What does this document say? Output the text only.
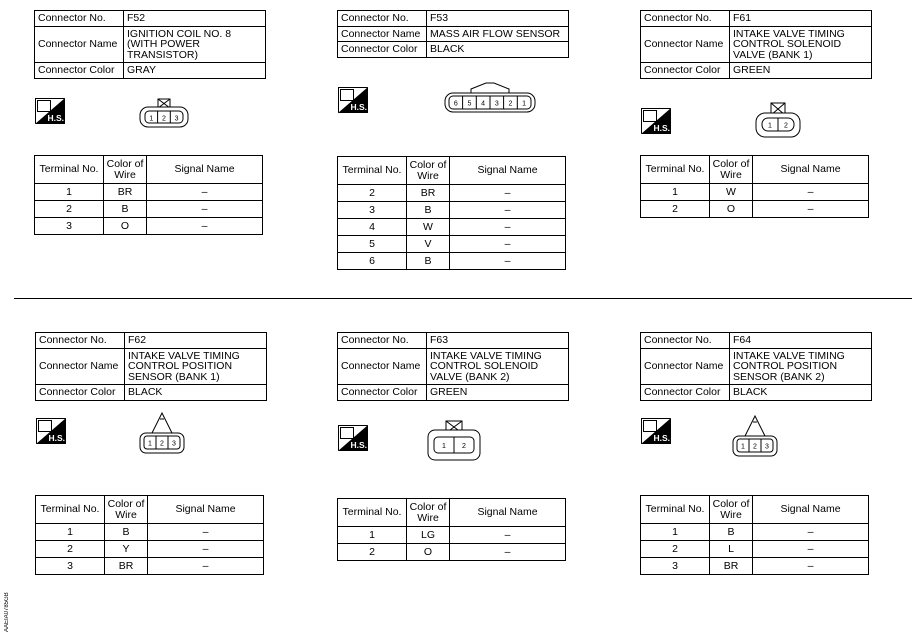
Connector No.	F52
Connector Name	IGNITION COIL NO. 8 (WITH POWER TRANSISTOR)
Connector Color	GRAY
H.S.	1 2 3
Terminal No.	Color of Wire	Signal Name
1	BR	–
2	B	–
3	O	–
Connector No.	F53
Connector Name	MASS AIR FLOW SENSOR
Connector Color	BLACK
H.S.	6 5 4 3 2 1
Terminal No.	Color of Wire	Signal Name
2	BR	–
3	B	–
4	W	–
5	V	–
6	B	–
Connector No.	F61
Connector Name	INTAKE VALVE TIMING CONTROL SOLENOID VALVE (BANK 1)
Connector Color	GREEN
H.S.	1 2
Terminal No.	Color of Wire	Signal Name
1	W	–
2	O	–
Connector No.	F62
Connector Name	INTAKE VALVE TIMING CONTROL POSITION SENSOR (BANK 1)
Connector Color	BLACK
H.S.
1 2 3
Terminal No.	Color of Wire	Signal Name
1	B	–
2	Y	–
3	BR	–
Connector No.	F63
Connector Name	INTAKE VALVE TIMING CONTROL SOLENOID VALVE (BANK 2)
Connector Color	GREEN
H.S.	1 2
Terminal No.	Color of Wire	Signal Name
1	LG	–
2	O	–
Connector No.	F64
Connector Name	INTAKE VALVE TIMING CONTROL POSITION SENSOR (BANK 2)
Connector Color	BLACK
H.S.
1 2 3
Terminal No.	Color of Wire	Signal Name
1	B	–
2	L	–
3	BR	–
AAEIA0785GB
